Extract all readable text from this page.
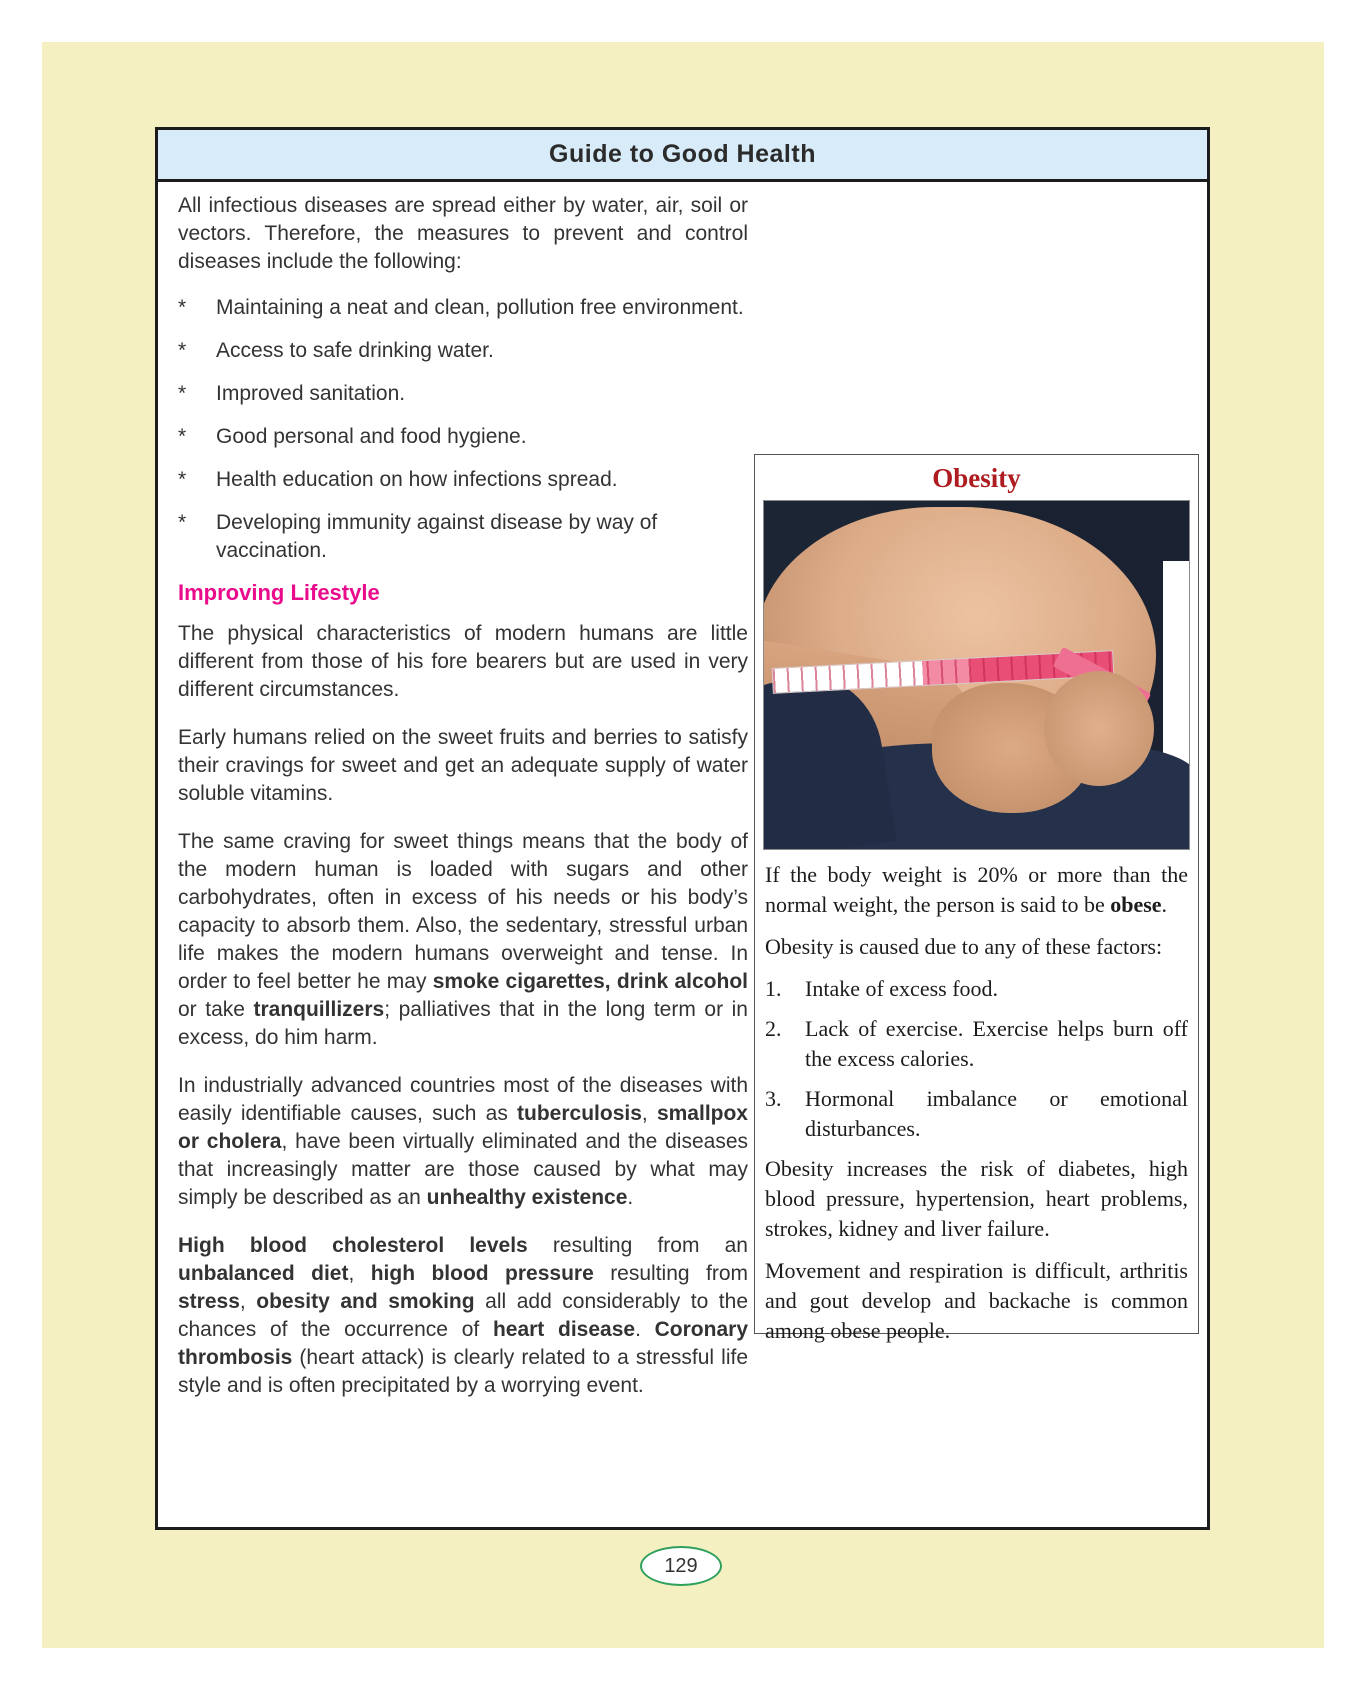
Guide to Good Health

All infectious diseases are spread either by water, air, soil or vectors. Therefore, the measures to prevent and control diseases include the following:

*	Maintaining a neat and clean, pollution free environment.
*	Access to safe drinking water.
*	Improved sanitation.
*	Good personal and food hygiene.
*	Health education on how infections spread.
*	Developing immunity against disease by way of vaccination.
Improving Lifestyle

The physical characteristics of modern humans are little different from those of his fore bearers but are used in very different circumstances.

Early humans relied on the sweet fruits and berries to satisfy their cravings for sweet and get an adequate supply of water soluble vitamins.

The same craving for sweet things means that the body of the modern human is loaded with sugars and other carbohydrates, often in excess of his needs or his body’s capacity to absorb them. Also, the sedentary, stressful urban life makes the modern humans overweight and tense. In order to feel better he may smoke cigarettes, drink alcohol or take tranquillizers; palliatives that in the long term or in excess, do him harm.

In industrially advanced countries most of the diseases with easily identifiable causes, such as tuberculosis, smallpox or cholera, have been virtually eliminated and the diseases that increasingly matter are those caused by what may simply be described as an unhealthy existence.

High blood cholesterol levels resulting from an unbalanced diet, high blood pressure resulting from stress, obesity and smoking all add considerably to the chances of the occurrence of heart disease. Coronary thrombosis (heart attack) is clearly related to a stressful life style and is often precipitated by a worrying event.

Obesity

If the body weight is 20% or more than the normal weight, the person is said to be obese.

Obesity is caused due to any of these factors:

1.	Intake of excess food.
2.	Lack of exercise. Exercise helps burn off the excess calories.
3.	Hormonal imbalance or emotional disturbances.

Obesity increases the risk of diabetes, high blood pressure, hypertension, heart problems, strokes, kidney and liver failure.

Movement and respiration is difficult, arthritis and gout develop and backache is common among obese people.

129
